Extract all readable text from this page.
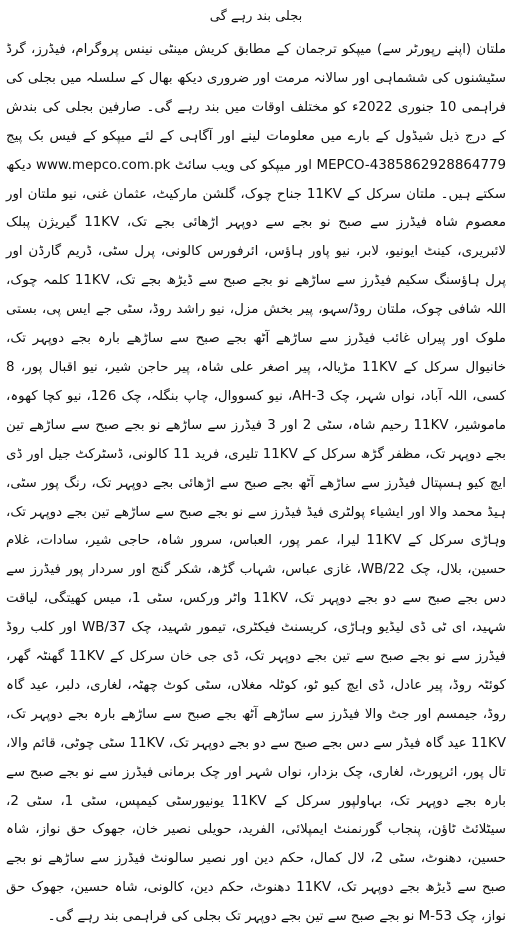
بجلی بند رہے گی

ملتان (اپنے رپورٹر سے) میپکو ترجمان کے مطابق کریش مینٹی نینس پروگرام، فیڈرز، گرڈ سٹیشنوں کی ششماہی اور سالانہ مرمت اور ضروری دیکھ بھال کے سلسلہ میں بجلی کی فراہمی 10 جنوری 2022ء کو مختلف اوقات میں بند رہے گی۔ صارفین بجلی کی بندش کے درج ذیل شیڈول کے بارے میں معلومات لینے اور آگاہی کے لئے میپکو کے فیس بک پیج MEPCO-4385862928864779 اور میپکو کی ویب سائٹ www.mepco.com.pk دیکھ سکتے ہیں۔ ملتان سرکل کے 11KV جناح چوک، گلشن مارکیٹ، عثمان غنی، نیو ملتان اور معصوم شاہ فیڈرز سے صبح نو بجے سے دوپہر اڑھائی بجے تک، 11KV گیریژن پبلک لائبریری، کینٹ ایونیو، لابر، نیو پاور ہاؤس، ائرفورس کالونی، پرل سٹی، ڈریم گارڈن اور پرل ہاؤسنگ سکیم فیڈرز سے ساڑھے نو بجے صبح سے ڈیڑھ بجے تک، 11KV کلمہ چوک، اللہ شافی چوک، ملتان روڈ/سہو، پیر بخش مزل، نیو راشد روڈ، سٹی جے ایس پی، بستی ملوک اور پیراں غائب فیڈرز سے ساڑھے آٹھ بجے صبح سے ساڑھے بارہ بجے دوپہر تک، خانیوال سرکل کے 11KV مڑیالہ، پیر اصغر علی شاہ، پیر حاجن شیر، نیو اقبال پور، 8 کسی، اللہ آباد، نواں شہر، چک AH-3، نیو کسووال، چاپ بنگلہ، چک 126، نیو کچا کھوہ، ماموشیر، 11KV رحیم شاہ، سٹی 2 اور 3 فیڈرز سے ساڑھے نو بجے صبح سے ساڑھے تین بجے دوپہر تک، مظفر گڑھ سرکل کے 11KV تلیری، فرید 11 کالونی، ڈسٹرکٹ جیل اور ڈی ایچ کیو ہسپتال فیڈرز سے ساڑھے آٹھ بجے صبح سے اڑھائی بجے دوپہر تک، رنگ پور سٹی، ہیڈ محمد والا اور ایشیاء پولٹری فیڈ فیڈرز سے نو بجے صبح سے ساڑھے تین بجے دوپہر تک، وہاڑی سرکل کے 11KV لیرا، عمر پور، العباس، سرور شاہ، حاجی شیر، سادات، غلام حسین، بلال، چک 22/WB، غازی عباس، شہاب گڑھ، شکر گنج اور سردار پور فیڈرز سے دس بجے صبح سے دو بجے دوپہر تک، 11KV واٹر ورکس، سٹی 1، میس کھیتگی، لیاقت شہید، ای ٹی ڈی لیڈیو وہاڑی، کریسنٹ فیکٹری، تیمور شہید، چک 37/WB اور کلب روڈ فیڈرز سے نو بجے صبح سے تین بجے دوپہر تک، ڈی جی خان سرکل کے 11KV گھنٹہ گھر، کوئٹہ روڈ، پیر عادل، ڈی ایچ کیو ٹو، کوٹلہ مغلاں، سٹی کوٹ چھٹہ، لغاری، دلبر، عید گاہ روڈ، جیمسم اور جٹ والا فیڈرز سے ساڑھے آٹھ بجے صبح سے ساڑھے بارہ بجے دوپہر تک، 11KV عید گاہ فیڈر سے دس بجے صبح سے دو بجے دوپہر تک، 11KV سٹی چوٹی، قائم والا، تال پور، ائرپورٹ، لغاری، چک بزدار، نواں شہر اور چک برمانی فیڈرز سے نو بجے صبح سے بارہ بجے دوپہر تک، بہاولپور سرکل کے 11KV یونیورسٹی کیمپس، سٹی 1، سٹی 2، سیٹلائٹ ٹاؤن، پنجاب گورنمنٹ ایمپلائی، الفرید، حویلی نصیر خان، جھوک حق نواز، شاہ حسین، دھنوٹ، سٹی 2، لال کمال، حکم دین اور نصیر سالونٹ فیڈرز سے ساڑھے نو بجے صبح سے ڈیڑھ بجے دوپہر تک، 11KV دھنوٹ، حکم دین، کالونی، شاہ حسین، جھوک حق نواز، چک M-53 نو بجے صبح سے تین بجے دوپہر تک بجلی کی فراہمی بند رہے گی۔
